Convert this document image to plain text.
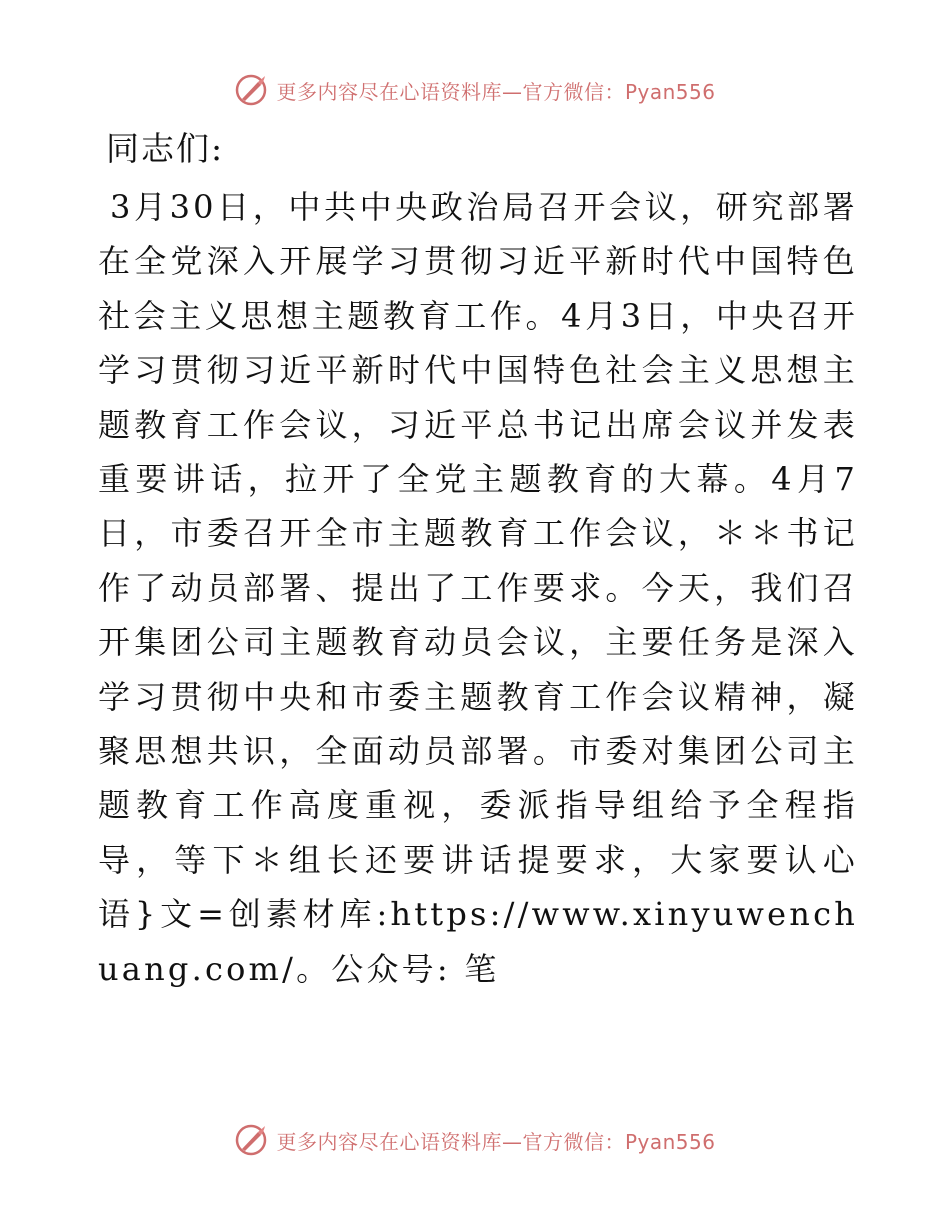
更多内容尽在心语资料库—官方微信：Pyan556

同志们:

3月30日，中共中央政治局召开会议，研究部署在全党深入开展学习贯彻习近平新时代中国特色社会主义思想主题教育工作。4月3日，中央召开学习贯彻习近平新时代中国特色社会主义思想主题教育工作会议，习近平总书记出席会议并发表重要讲话，拉开了全党主题教育的大幕。4月7日，市委召开全市主题教育工作会议，＊＊书记作了动员部署、提出了工作要求。今天，我们召开集团公司主题教育动员会议，主要任务是深入学习贯彻中央和市委主题教育工作会议精神，凝聚思想共识，全面动员部署。市委对集团公司主题教育工作高度重视，委派指导组给予全程指导，等下＊组长还要讲话提要求，大家要认心语}文=创素材库:https://www.xinyuwenchuang.com/。公众号: 笔

更多内容尽在心语资料库—官方微信：Pyan556
